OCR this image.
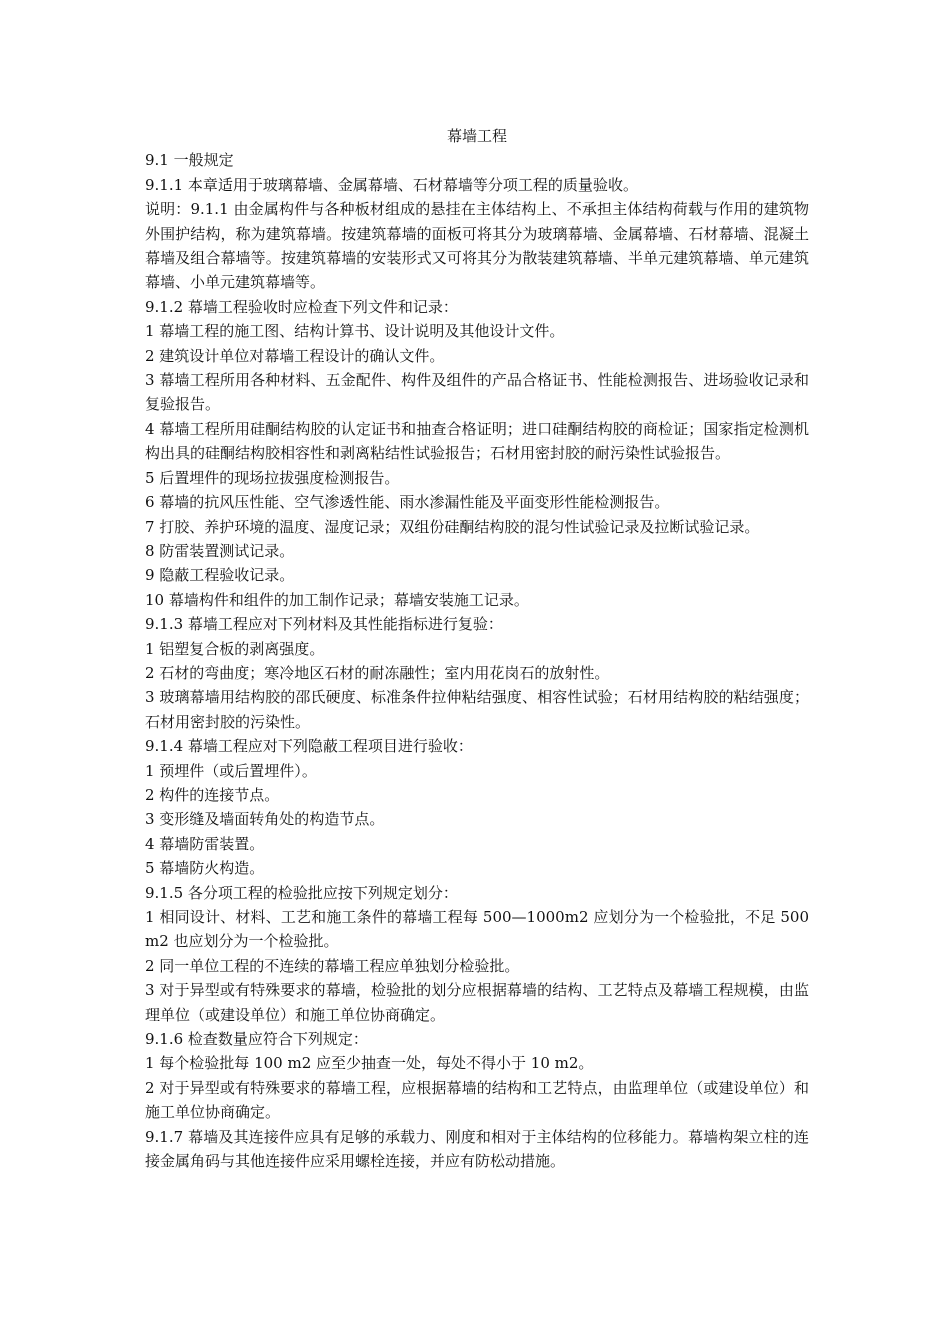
幕墙工程

9.1 一般规定

9.1.1 本章适用于玻璃幕墙、金属幕墙、石材幕墙等分项工程的质量验收。

说明：9.1.1 由金属构件与各种板材组成的悬挂在主体结构上、不承担主体结构荷载与作用的建筑物外围护结构，称为建筑幕墙。按建筑幕墙的面板可将其分为玻璃幕墙、金属幕墙、石材幕墙、混凝土幕墙及组合幕墙等。按建筑幕墙的安装形式又可将其分为散装建筑幕墙、半单元建筑幕墙、单元建筑幕墙、小单元建筑幕墙等。

9.1.2 幕墙工程验收时应检查下列文件和记录：

1 幕墙工程的施工图、结构计算书、设计说明及其他设计文件。

2 建筑设计单位对幕墙工程设计的确认文件。

3 幕墙工程所用各种材料、五金配件、构件及组件的产品合格证书、性能检测报告、进场验收记录和复验报告。

4 幕墙工程所用硅酮结构胶的认定证书和抽查合格证明；进口硅酮结构胶的商检证；国家指定检测机构出具的硅酮结构胶相容性和剥离粘结性试验报告；石材用密封胶的耐污染性试验报告。

5 后置埋件的现场拉拔强度检测报告。

6 幕墙的抗风压性能、空气渗透性能、雨水渗漏性能及平面变形性能检测报告。

7 打胶、养护环境的温度、湿度记录；双组份硅酮结构胶的混匀性试验记录及拉断试验记录。

8 防雷装置测试记录。

9 隐蔽工程验收记录。

10 幕墙构件和组件的加工制作记录；幕墙安装施工记录。

9.1.3 幕墙工程应对下列材料及其性能指标进行复验：

1 铝塑复合板的剥离强度。

2 石材的弯曲度；寒冷地区石材的耐冻融性；室内用花岗石的放射性。

3 玻璃幕墙用结构胶的邵氏硬度、标准条件拉伸粘结强度、相容性试验；石材用结构胶的粘结强度；石材用密封胶的污染性。

9.1.4 幕墙工程应对下列隐蔽工程项目进行验收：

1 预埋件（或后置埋件）。

2 构件的连接节点。

3 变形缝及墙面转角处的构造节点。

4 幕墙防雷装置。

5 幕墙防火构造。

9.1.5 各分项工程的检验批应按下列规定划分：

1 相同设计、材料、工艺和施工条件的幕墙工程每 500—1000m2 应划分为一个检验批，不足 500 m2 也应划分为一个检验批。

2 同一单位工程的不连续的幕墙工程应单独划分检验批。

3 对于异型或有特殊要求的幕墙，检验批的划分应根据幕墙的结构、工艺特点及幕墙工程规模，由监理单位（或建设单位）和施工单位协商确定。

9.1.6 检查数量应符合下列规定：

1 每个检验批每 100 m2 应至少抽查一处，每处不得小于 10 m2。

2 对于异型或有特殊要求的幕墙工程，应根据幕墙的结构和工艺特点，由监理单位（或建设单位）和施工单位协商确定。

9.1.7 幕墙及其连接件应具有足够的承载力、刚度和相对于主体结构的位移能力。幕墙构架立柱的连接金属角码与其他连接件应采用螺栓连接，并应有防松动措施。
